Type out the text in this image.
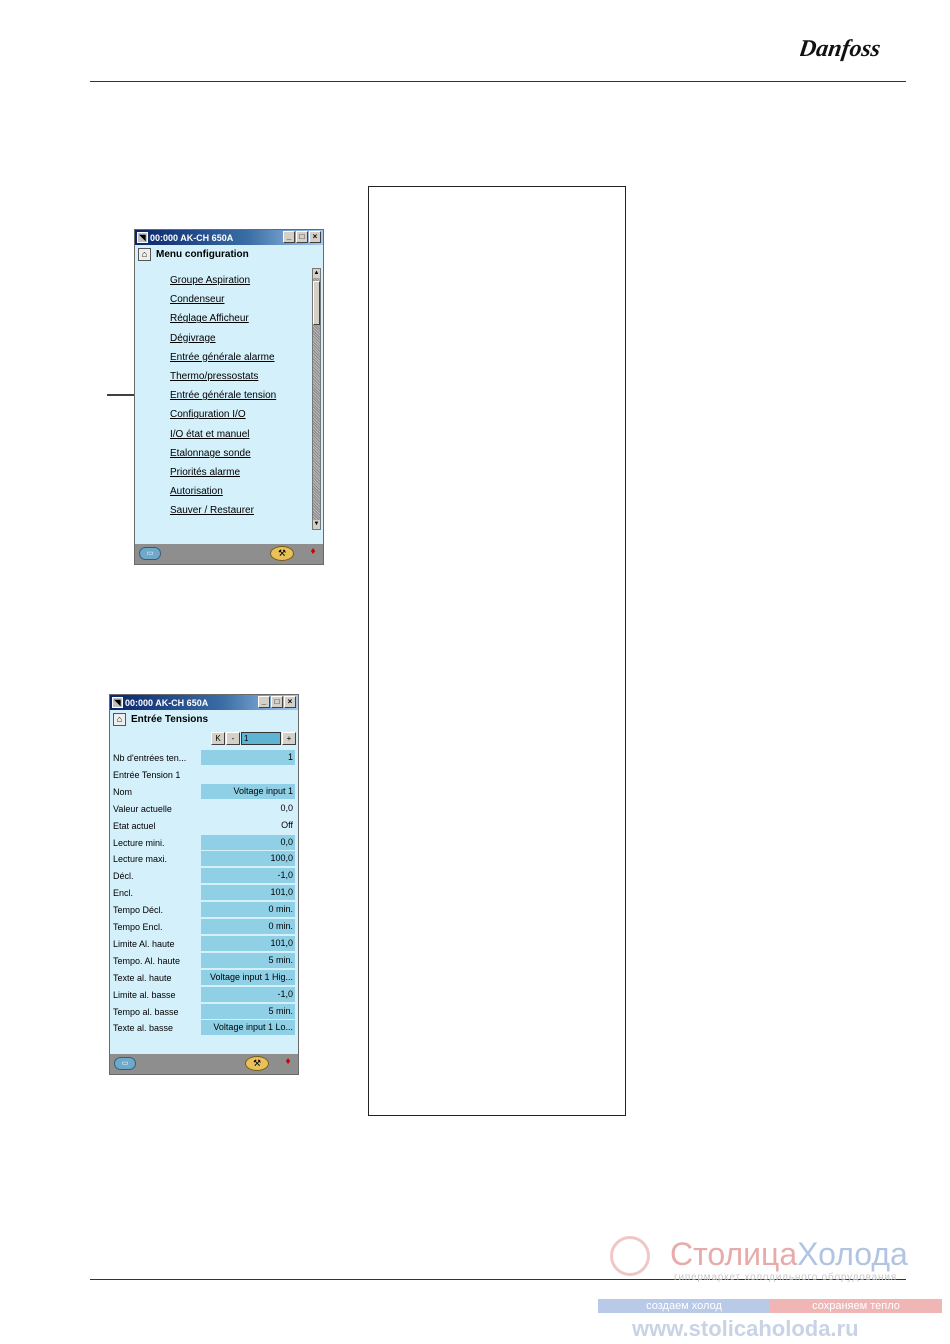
Danfoss
◥ 00:000 AK-CH 650A	_	□	×
⌂ Menu configuration
Groupe Aspiration
Condenseur
Réglage Afficheur
Dégivrage
Entrée générale alarme
Thermo/pressostats
Entrée générale tension
Configuration I/O
I/O état et manuel
Etalonnage sonde
Priorités alarme
Autorisation
Sauver / Restaurer
▲
▼
▭	⚒	♦
◥ 00:000 AK-CH 650A	_	□	×
⌂ Entrée Tensions
K	-	1	+
Nb d'entrées ten...	1
Entrée Tension 1
Nom	Voltage input 1
Valeur actuelle	0,0
Etat actuel	Off
Lecture mini.	0,0
Lecture maxi.	100,0
Décl.	-1,0
Encl.	101,0
Tempo Décl.	0 min.
Tempo Encl.	0 min.
Limite Al. haute	101,0
Tempo. Al. haute	5 min.
Texte al. haute	Voltage input 1 Hig...
Limite al. basse	-1,0
Tempo al. basse	5 min.
Texte al. basse	Voltage input 1 Lo...
▭	⚒	♦
СтолицаХолода
гипермаркет холодильного оборудования
создаем холод	сохраняем тепло
www.stolicaholoda.ru
